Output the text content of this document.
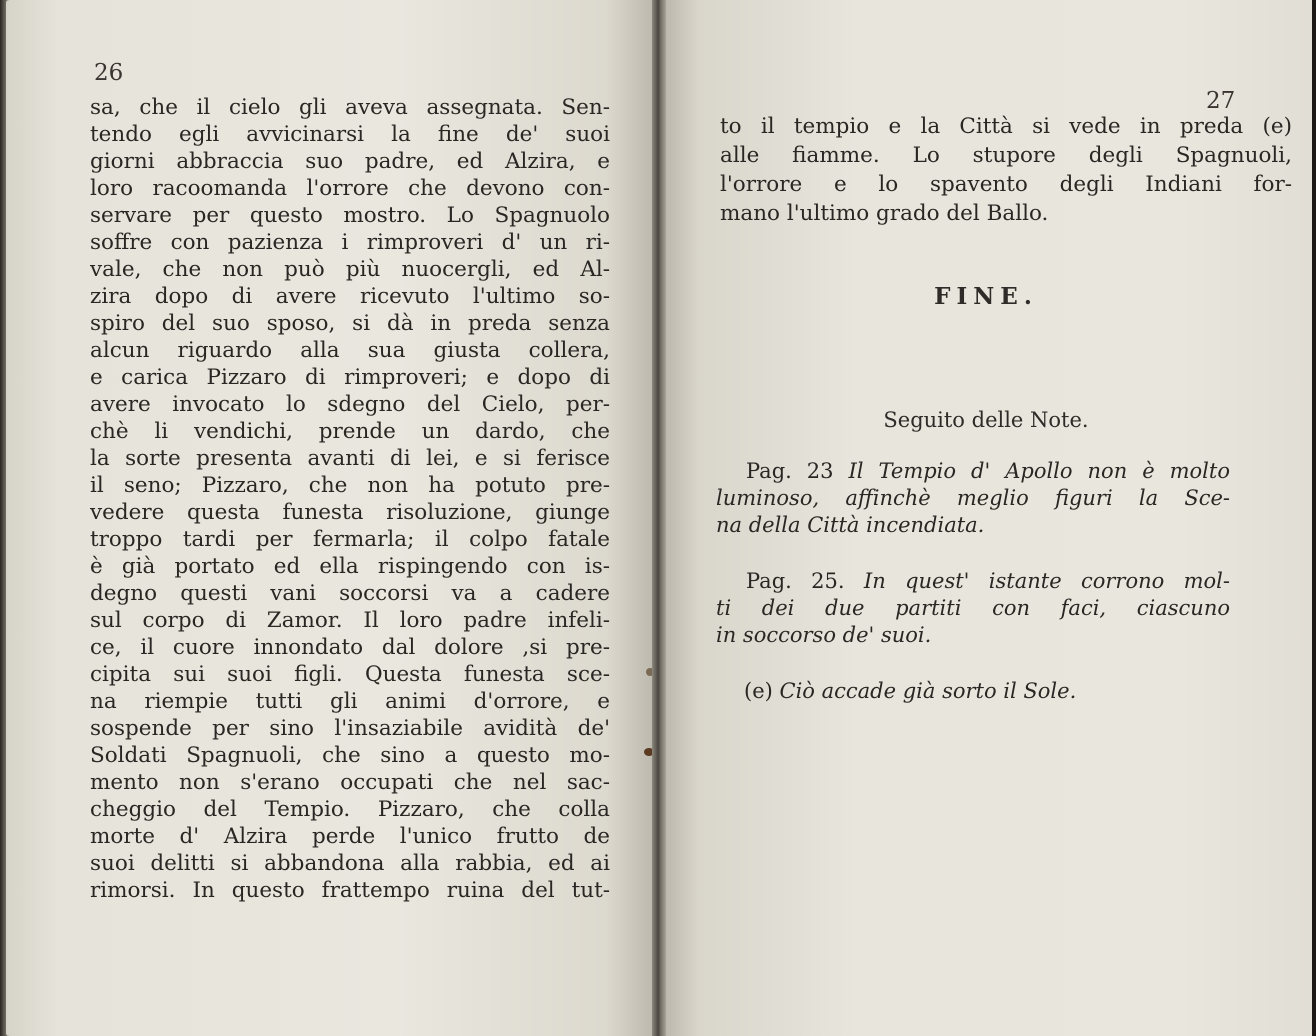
26
sa, che il cielo gli aveva assegnata. Sen-
tendo egli avvicinarsi la fine de' suoi
giorni abbraccia suo padre, ed Alzira, e
loro racoomanda l'orrore che devono con-
servare per questo mostro. Lo Spagnuolo
soffre con pazienza i rimproveri d' un ri-
vale, che non può più nuocergli, ed Al-
zira dopo di avere ricevuto l'ultimo so-
spiro del suo sposo, si dà in preda senza
alcun riguardo alla sua giusta collera,
e carica Pizzaro di rimproveri; e dopo di
avere invocato lo sdegno del Cielo, per-
chè li vendichi, prende un dardo, che
la sorte presenta avanti di lei, e si ferisce
il seno; Pizzaro, che non ha potuto pre-
vedere questa funesta risoluzione, giunge
troppo tardi per fermarla; il colpo fatale
è già portato ed ella rispingendo con is-
degno questi vani soccorsi va a cadere
sul corpo di Zamor. Il loro padre infeli-
ce, il cuore innondato dal dolore ,si pre-
cipita sui suoi figli. Questa funesta sce-
na riempie tutti gli animi d'orrore, e
sospende per sino l'insaziabile avidità de'
Soldati Spagnuoli, che sino a questo mo-
mento non s'erano occupati che nel sac-
cheggio del Tempio. Pizzaro, che colla
morte d' Alzira perde l'unico frutto de
suoi delitti si abbandona alla rabbia, ed ai
rimorsi. In questo frattempo ruina del tut-
27
to il tempio e la Città si vede in preda (e)
alle fiamme. Lo stupore degli Spagnuoli,
l'orrore e lo spavento degli Indiani for-
mano l'ultimo grado del Ballo.
FINE.
Seguito delle Note.
Pag. 23 Il Tempio d' Apollo non è molto
luminoso, affinchè meglio figuri la Sce-
na della Città incendiata.
Pag. 25. In quest' istante corrono mol-
ti dei due partiti con faci, ciascuno
in soccorso de' suoi.
(e) Ciò accade già sorto il Sole.
